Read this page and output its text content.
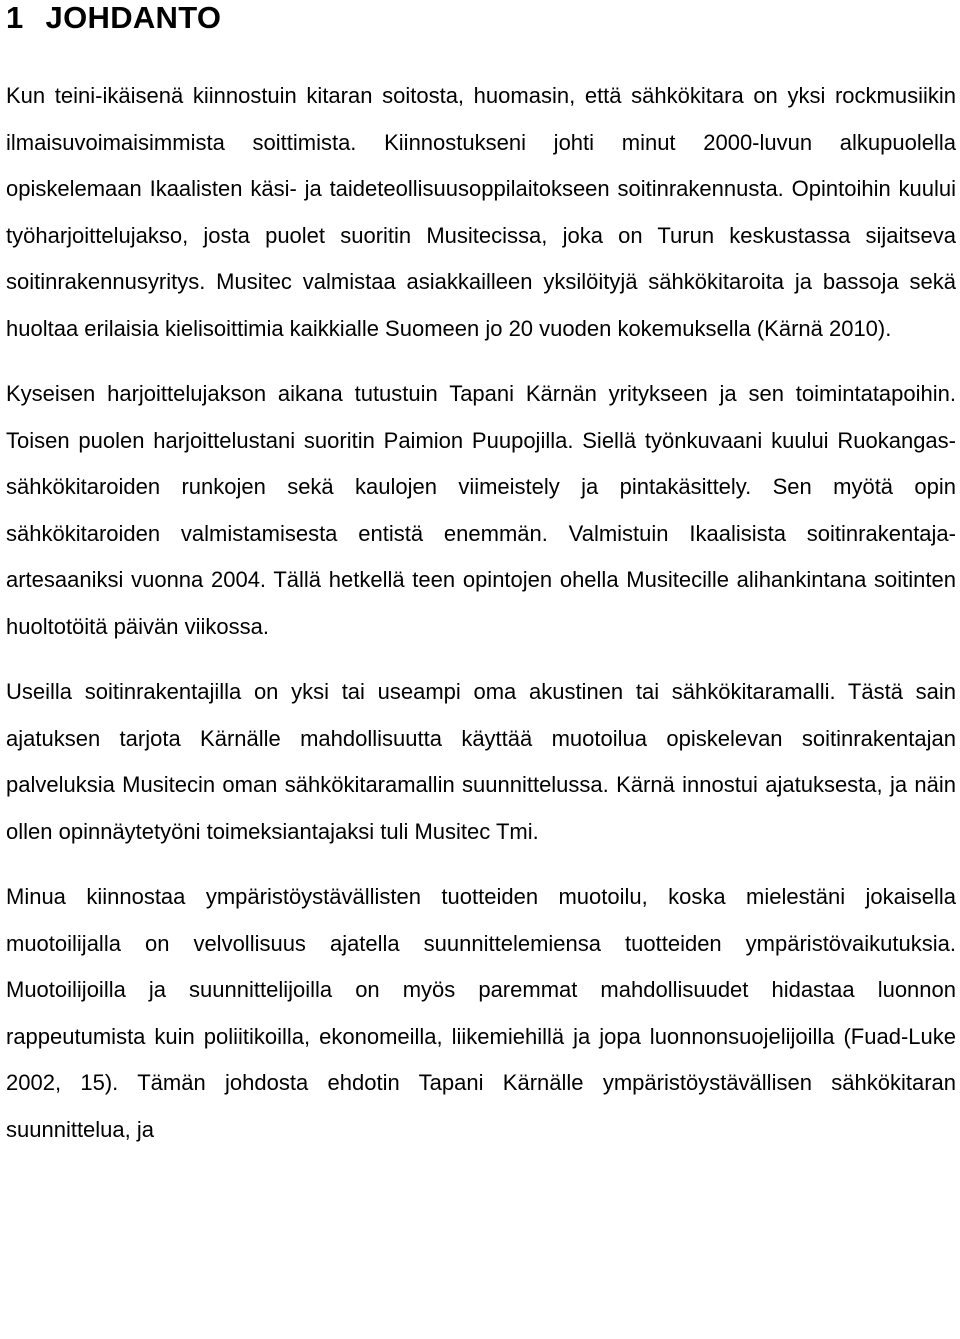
1 JOHDANTO

Kun teini-ikäisenä kiinnostuin kitaran soitosta, huomasin, että sähkökitara on yksi rockmusiikin ilmaisuvoimaisimmista soittimista. Kiinnostukseni johti minut 2000-luvun alkupuolella opiskelemaan Ikaalisten käsi- ja taideteollisuusoppilaitokseen soitinrakennusta. Opintoihin kuului työharjoittelujakso, josta puolet suoritin Musitecissa, joka on Turun keskustassa sijaitseva soitinrakennusyritys. Musitec valmistaa asiakkailleen yksilöityjä sähkökitaroita ja bassoja sekä huoltaa erilaisia kielisoittimia kaikkialle Suomeen jo 20 vuoden kokemuksella (Kärnä 2010).

Kyseisen harjoittelujakson aikana tutustuin Tapani Kärnän yritykseen ja sen toimintatapoihin. Toisen puolen harjoittelustani suoritin Paimion Puupojilla. Siellä työnkuvaani kuului Ruokangas-sähkökitaroiden runkojen sekä kaulojen viimeistely ja pintakäsittely. Sen myötä opin sähkökitaroiden valmistamisesta entistä enemmän. Valmistuin Ikaalisista soitinrakentaja-artesaaniksi vuonna 2004. Tällä hetkellä teen opintojen ohella Musitecille alihankintana soitinten huoltotöitä päivän viikossa.

Useilla soitinrakentajilla on yksi tai useampi oma akustinen tai sähkökitaramalli. Tästä sain ajatuksen tarjota Kärnälle mahdollisuutta käyttää muotoilua opiskelevan soitinrakentajan palveluksia Musitecin oman sähkökitaramallin suunnittelussa. Kärnä innostui ajatuksesta, ja näin ollen opinnäytetyöni toimeksiantajaksi tuli Musitec Tmi.

Minua kiinnostaa ympäristöystävällisten tuotteiden muotoilu, koska mielestäni jokaisella muotoilijalla on velvollisuus ajatella suunnittelemiensa tuotteiden ympäristövaikutuksia. Muotoilijoilla ja suunnittelijoilla on myös paremmat mahdollisuudet hidastaa luonnon rappeutumista kuin poliitikoilla, ekonomeilla, liikemiehillä ja jopa luonnonsuojelijoilla (Fuad-Luke 2002, 15). Tämän johdosta ehdotin Tapani Kärnälle ympäristöystävällisen sähkökitaran suunnittelua, ja
